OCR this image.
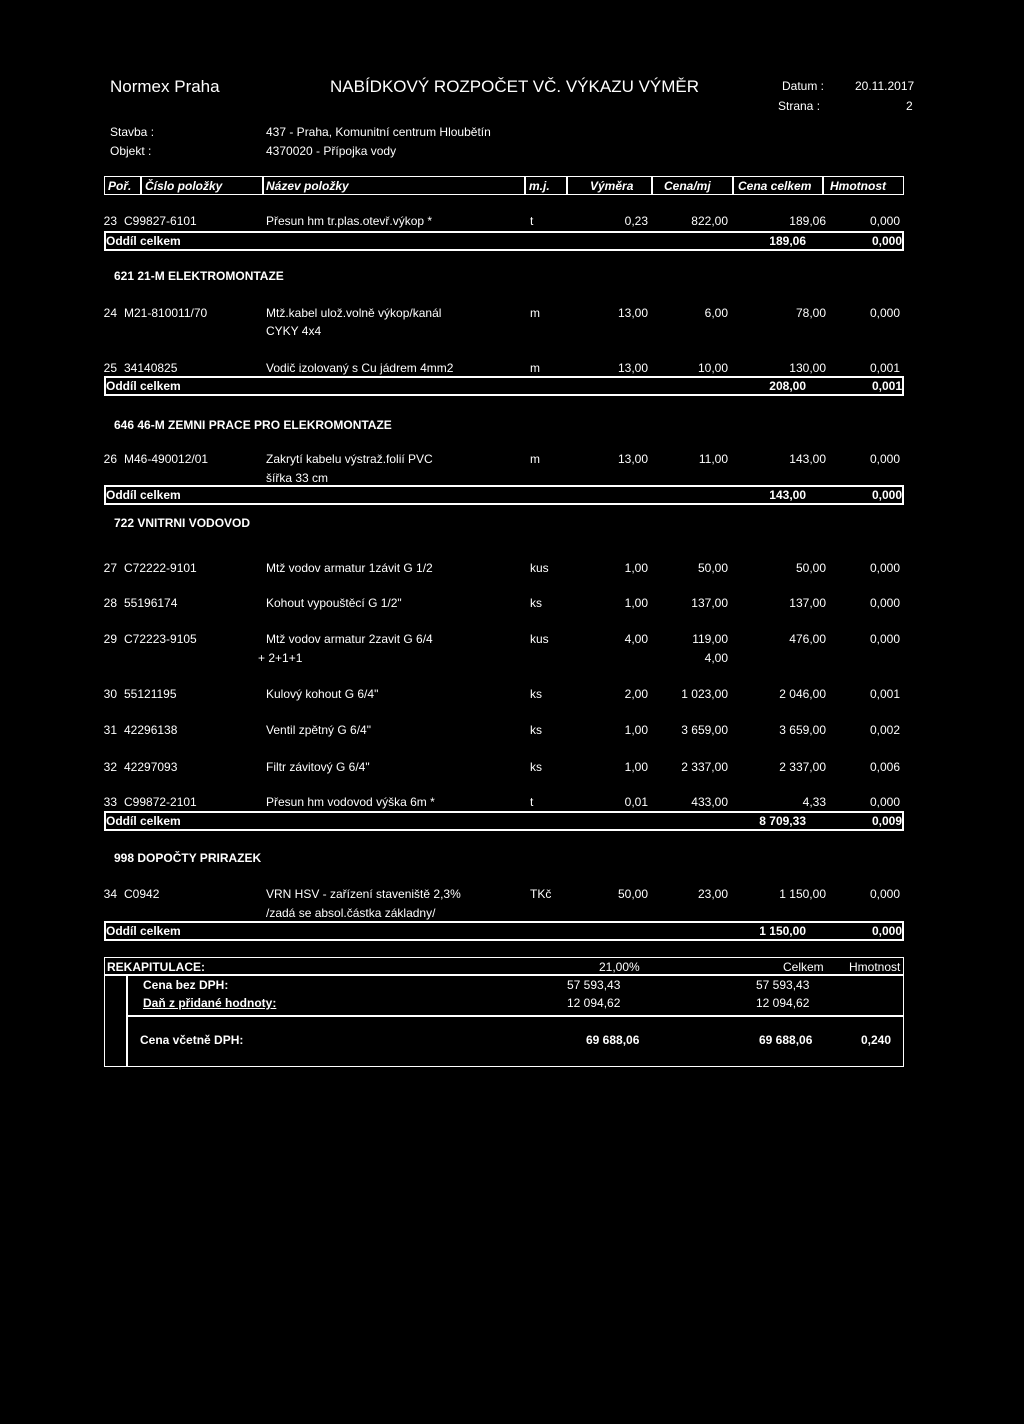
Normex Praha	NABÍDKOVÝ ROZPOČET VČ. VÝKAZU VÝMĚR	Datum :	20.11.2017
Strana :	2
Stavba :	437 - Praha, Komunitní centrum Hloubětín
Objekt :	4370020 - Přípojka vody
Poř. Číslo položky	Název položky	m.j.	Výměra	Cena/mj Cena celkem Hmotnost
23 C99827-6101	Přesun hm tr.plas.otevř.výkop *	t	0,23	822,00	189,06	0,000
Oddíl celkem	189,06	0,000
621 21-M ELEKTROMONTAZE
24 M21-810011/70	Mtž.kabel ulož.volně výkop/kanál	m	13,00	6,00	78,00	0,000
CYKY 4x4
25 34140825	Vodič izolovaný s Cu jádrem 4mm2	m	13,00	10,00	130,00	0,001
Oddíl celkem	208,00	0,001
646 46-M ZEMNI PRACE PRO ELEKROMONTAZE
26 M46-490012/01	Zakrytí kabelu výstraž.folií PVC	m	13,00	11,00	143,00	0,000
šířka 33 cm
Oddíl celkem	143,00	0,000
722 VNITRNI VODOVOD
27 C72222-9101	Mtž vodov armatur 1závit G 1/2	kus	1,00	50,00	50,00	0,000
28 55196174	Kohout vypouštěcí G 1/2"	ks	1,00	137,00	137,00	0,000
29 C72223-9105	Mtž vodov armatur 2zavit G 6/4	kus	4,00	119,00	476,00	0,000
+ 2+1+1	4,00
30 55121195	Kulový kohout G 6/4"	ks	2,00	1 023,00	2 046,00	0,001
31 42296138	Ventil zpětný G 6/4"	ks	1,00	3 659,00	3 659,00	0,002
32 42297093	Filtr závitový G 6/4"	ks	1,00	2 337,00	2 337,00	0,006
33 C99872-2101	Přesun hm vodovod výška 6m *	t	0,01	433,00	4,33	0,000
Oddíl celkem	8 709,33	0,009
998 DOPOČTY PRIRAZEK
34 C0942	VRN HSV - zařízení staveniště 2,3%	TKč	50,00	23,00	1 150,00	0,000
/zadá se absol.částka základny/
Oddíl celkem	1 150,00	0,000
REKAPITULACE:	21,00%	Celkem Hmotnost
Cena bez DPH:	57 593,43	57 593,43
Daň z přidané hodnoty:	12 094,62	12 094,62
Cena včetně DPH:	69 688,06	69 688,06	0,240
